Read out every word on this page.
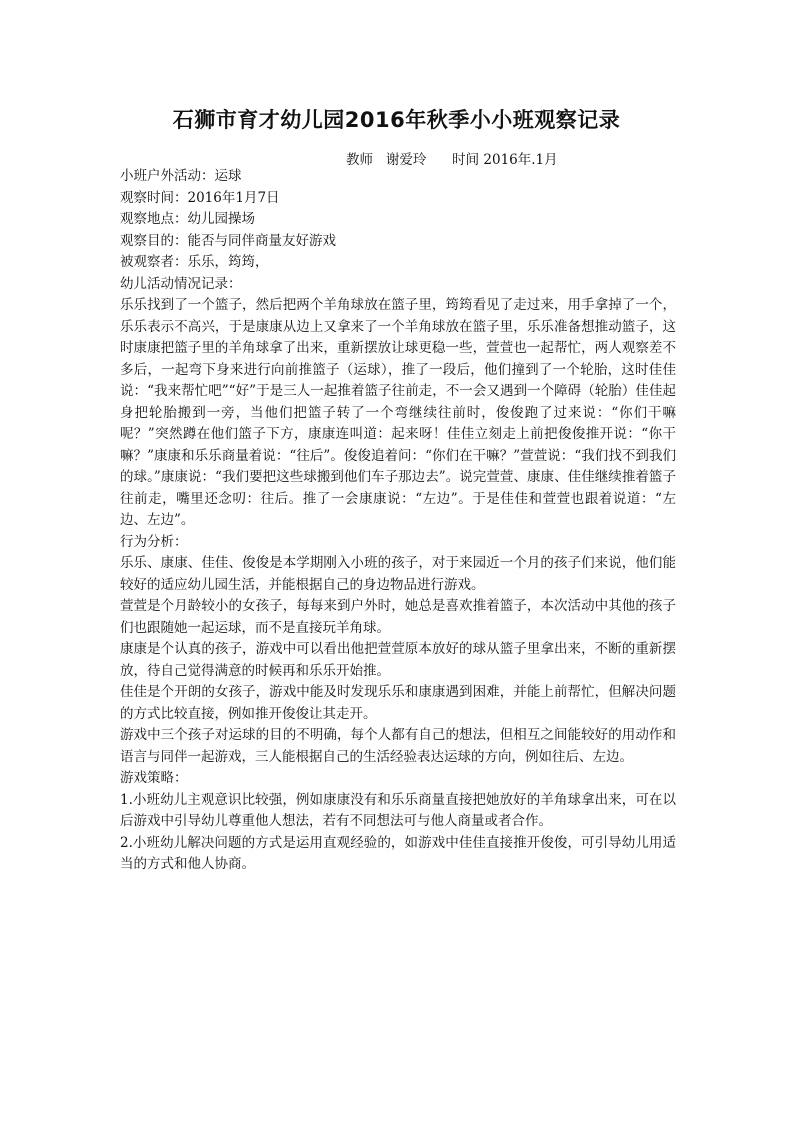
石狮市育才幼儿园2016年秋季小小班观察记录
教师   谢爱玲      时间 2016年.1月
小班户外活动：运球
观察时间：2016年1月7日
观察地点：幼儿园操场
观察目的：能否与同伴商量友好游戏
被观察者：乐乐，筠筠，
幼儿活动情况记录：
乐乐找到了一个篮子，然后把两个羊角球放在篮子里，筠筠看见了走过来，用手拿掉了一个，乐乐表示不高兴，于是康康从边上又拿来了一个羊角球放在篮子里，乐乐准备想推动篮子，这时康康把篮子里的羊角球拿了出来，重新摆放让球更稳一些，萱萱也一起帮忙，两人观察差不多后，一起弯下身来进行向前推篮子（运球），推了一段后，他们撞到了一个轮胎，这时佳佳说：“我来帮忙吧”“好”于是三人一起推着篮子往前走，不一会又遇到一个障碍（轮胎）佳佳起身把轮胎搬到一旁，当他们把篮子转了一个弯继续往前时，俊俊跑了过来说：“你们干嘛呢？”突然蹲在他们篮子下方，康康连叫道：起来呀！佳佳立刻走上前把俊俊推开说：“你干嘛？”康康和乐乐商量着说：“往后”。俊俊追着问：“你们在干嘛？”萱萱说：“我们找不到我们的球。”康康说：“我们要把这些球搬到他们车子那边去”。说完萱萱、康康、佳佳继续推着篮子往前走，嘴里还念叨：往后。推了一会康康说：“左边”。于是佳佳和萱萱也跟着说道：“左边、左边”。
行为分析：
乐乐、康康、佳佳、俊俊是本学期刚入小班的孩子，对于来园近一个月的孩子们来说，他们能较好的适应幼儿园生活，并能根据自己的身边物品进行游戏。
萱萱是个月龄较小的女孩子，每每来到户外时，她总是喜欢推着篮子，本次活动中其他的孩子们也跟随她一起运球，而不是直接玩羊角球。
康康是个认真的孩子，游戏中可以看出他把萱萱原本放好的球从篮子里拿出来，不断的重新摆放，待自己觉得满意的时候再和乐乐开始推。
佳佳是个开朗的女孩子，游戏中能及时发现乐乐和康康遇到困难，并能上前帮忙，但解决问题的方式比较直接，例如推开俊俊让其走开。
游戏中三个孩子对运球的目的不明确，每个人都有自己的想法，但相互之间能较好的用动作和语言与同伴一起游戏，三人能根据自己的生活经验表达运球的方向，例如往后、左边。
游戏策略：
1.小班幼儿主观意识比较强，例如康康没有和乐乐商量直接把她放好的羊角球拿出来，可在以后游戏中引导幼儿尊重他人想法，若有不同想法可与他人商量或者合作。
2.小班幼儿解决问题的方式是运用直观经验的，如游戏中佳佳直接推开俊俊，可引导幼儿用适当的方式和他人协商。
